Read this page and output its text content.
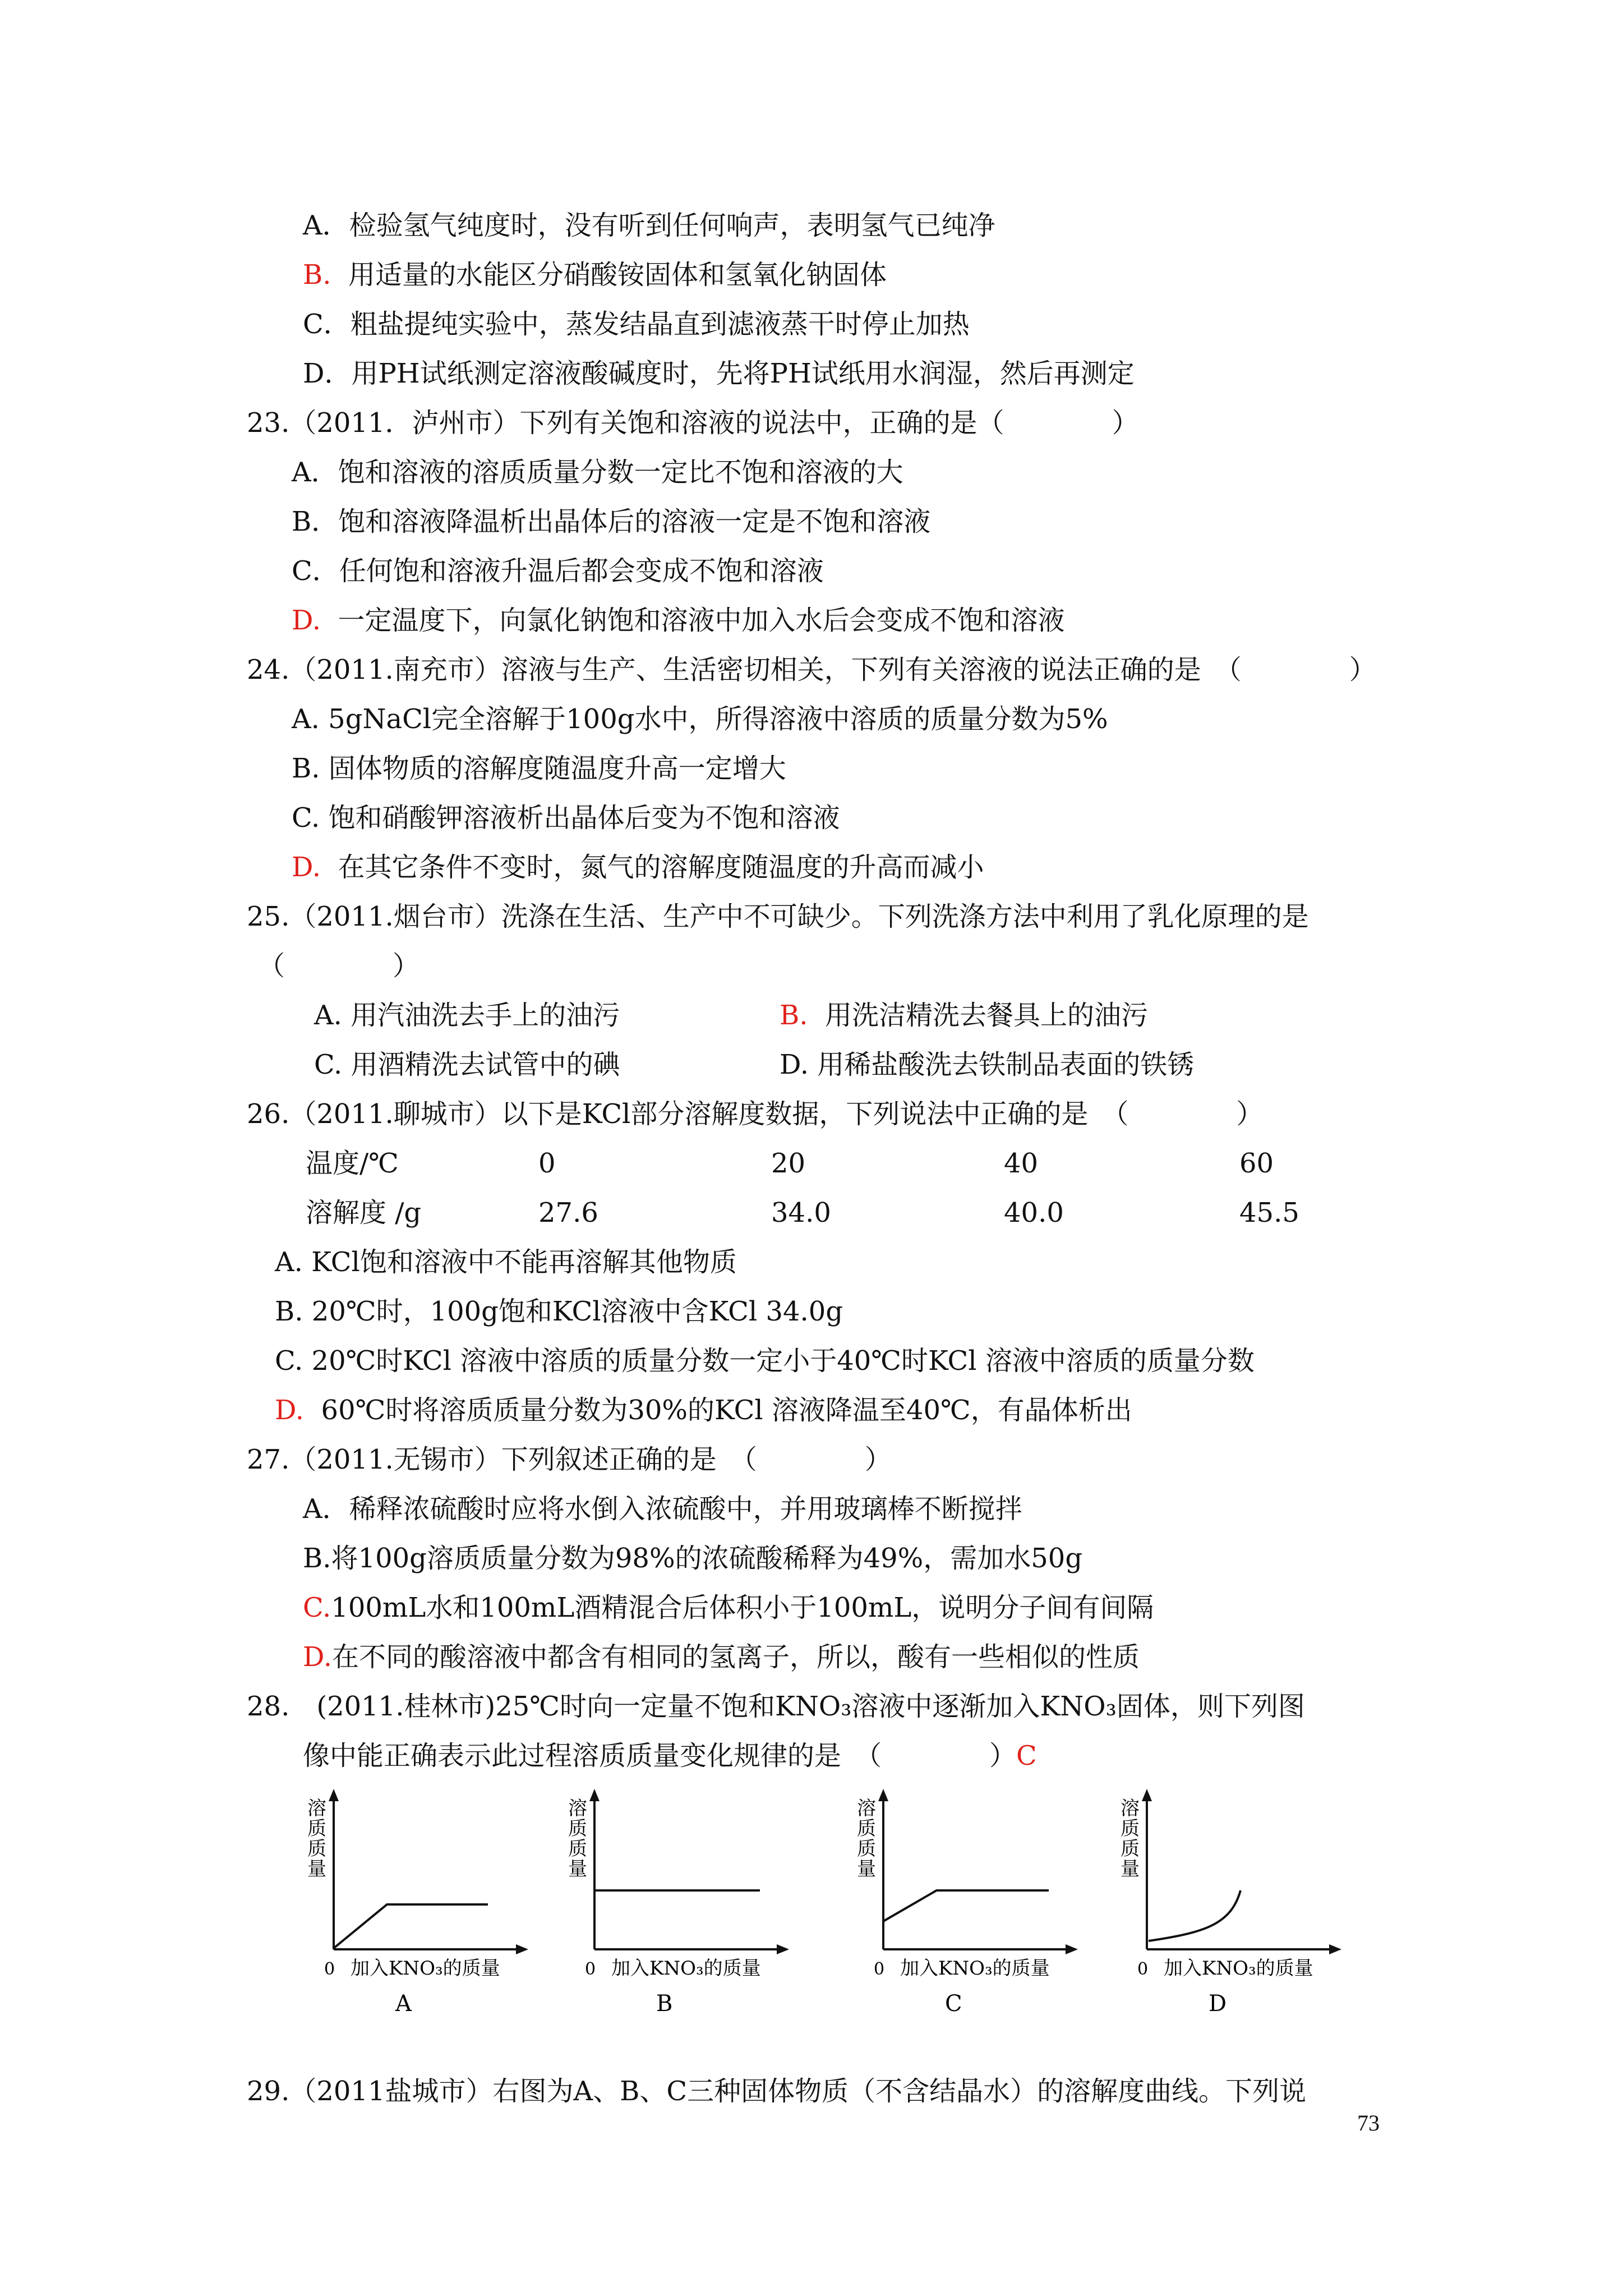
A．检验氢气纯度时，没有听到任何响声，表明氢气已纯净
B. 用适量的水能区分硝酸铵固体和氢氧化钠固体
C．粗盐提纯实验中，蒸发结晶直到滤液蒸干时停止加热
D．用PH试纸测定溶液酸碱度时，先将PH试纸用水润湿，然后再测定
23.（2011．泸州市）下列有关饱和溶液的说法中，正确的是（　　　　）
A．饱和溶液的溶质质量分数一定比不饱和溶液的大
B．饱和溶液降温析出晶体后的溶液一定是不饱和溶液
C．任何饱和溶液升温后都会变成不饱和溶液
D. 一定温度下，向氯化钠饱和溶液中加入水后会变成不饱和溶液
24.（2011.南充市）溶液与生产、生活密切相关，下列有关溶液的说法正确的是　（　　　　）
A. 5gNaCl完全溶解于100g水中，所得溶液中溶质的质量分数为5%
B. 固体物质的溶解度随温度升高一定增大
C. 饱和硝酸钾溶液析出晶体后变为不饱和溶液
D. 在其它条件不变时，氮气的溶解度随温度的升高而减小
25.（2011.烟台市）洗涤在生活、生产中不可缺少。下列洗涤方法中利用了乳化原理的是
（　　　　）
A. 用汽油洗去手上的油污	B. 用洗洁精洗去餐具上的油污
C. 用酒精洗去试管中的碘	D. 用稀盐酸洗去铁制品表面的铁锈
26.（2011.聊城市）以下是KCl部分溶解度数据，下列说法中正确的是　（　　　　）
温度/℃	0	20	40	60
溶解度 /g	27.6	34.0	40.0	45.5
A. KCl饱和溶液中不能再溶解其他物质
B. 20℃时，100g饱和KCl溶液中含KCl 34.0g
C. 20℃时KCl 溶液中溶质的质量分数一定小于40℃时KCl 溶液中溶质的质量分数
D. 60℃时将溶质质量分数为30%的KCl 溶液降温至40℃，有晶体析出
27.（2011.无锡市）下列叙述正确的是　（　　　　）
A．稀释浓硫酸时应将水倒入浓硫酸中，并用玻璃棒不断搅拌
B.将100g溶质质量分数为98%的浓硫酸稀释为49%，需加水50g
C.100mL水和100mL酒精混合后体积小于100mL，说明分子间有间隔
D.在不同的酸溶液中都含有相同的氢离子，所以，酸有一些相似的性质
28.　(2011.桂林市)25℃时向一定量不饱和KNO₃溶液中逐渐加入KNO₃固体，则下列图
像中能正确表示此过程溶质质量变化规律的是　（　　　　）C
溶
质
质
量
0 加入KNO₃的质量
A
溶
质
质
量
0 加入KNO₃的质量
B
溶
质
质
量
0 加入KNO₃的质量
C
溶
质
质
量
0 加入KNO₃的质量
D
29.（2011盐城市）右图为A、B、C三种固体物质（不含结晶水）的溶解度曲线。下列说
73
